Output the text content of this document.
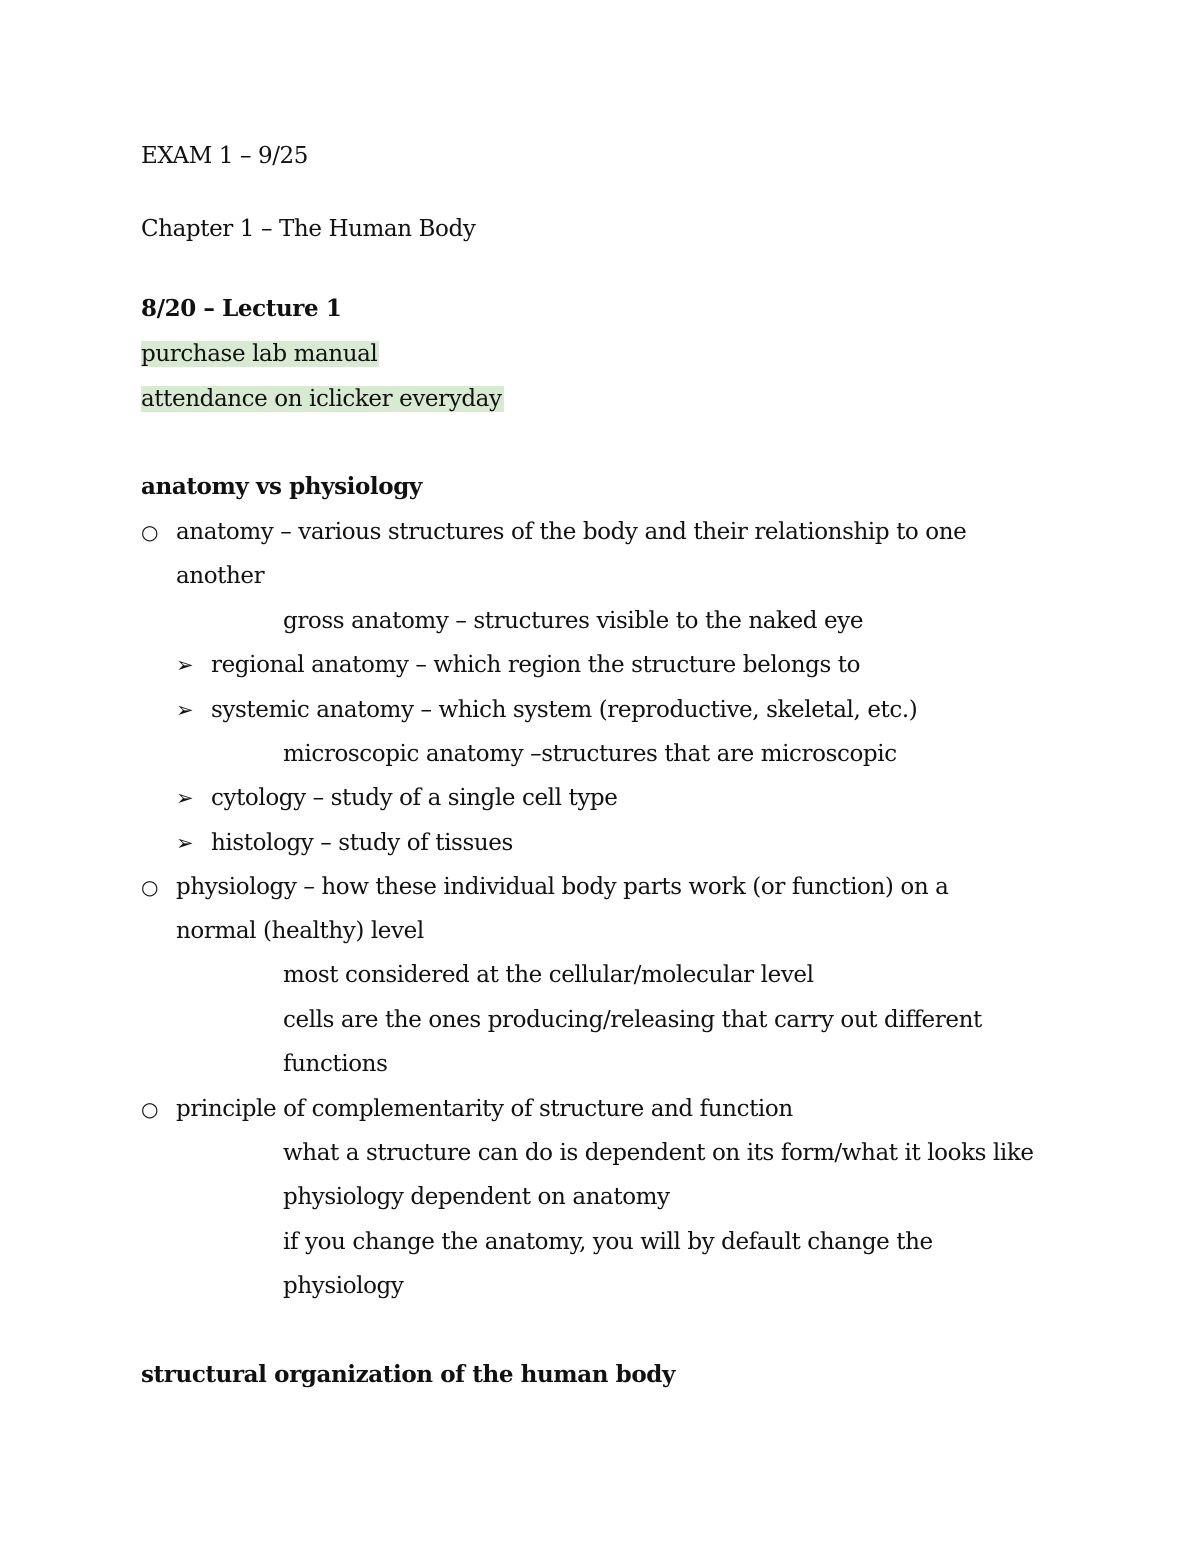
EXAM 1 – 9/25
Chapter 1 – The Human Body
8/20 – Lecture 1
purchase lab manual
attendance on iclicker everyday
anatomy vs physiology
○ anatomy – various structures of the body and their relationship to one
another
gross anatomy – structures visible to the naked eye
➢ regional anatomy – which region the structure belongs to
➢ systemic anatomy – which system (reproductive, skeletal, etc.)
microscopic anatomy –structures that are microscopic
➢ cytology – study of a single cell type
➢ histology – study of tissues
○ physiology – how these individual body parts work (or function) on a
normal (healthy) level
most considered at the cellular/molecular level
cells are the ones producing/releasing that carry out different
functions
○ principle of complementarity of structure and function
what a structure can do is dependent on its form/what it looks like
physiology dependent on anatomy
if you change the anatomy, you will by default change the
physiology
structural organization of the human body
